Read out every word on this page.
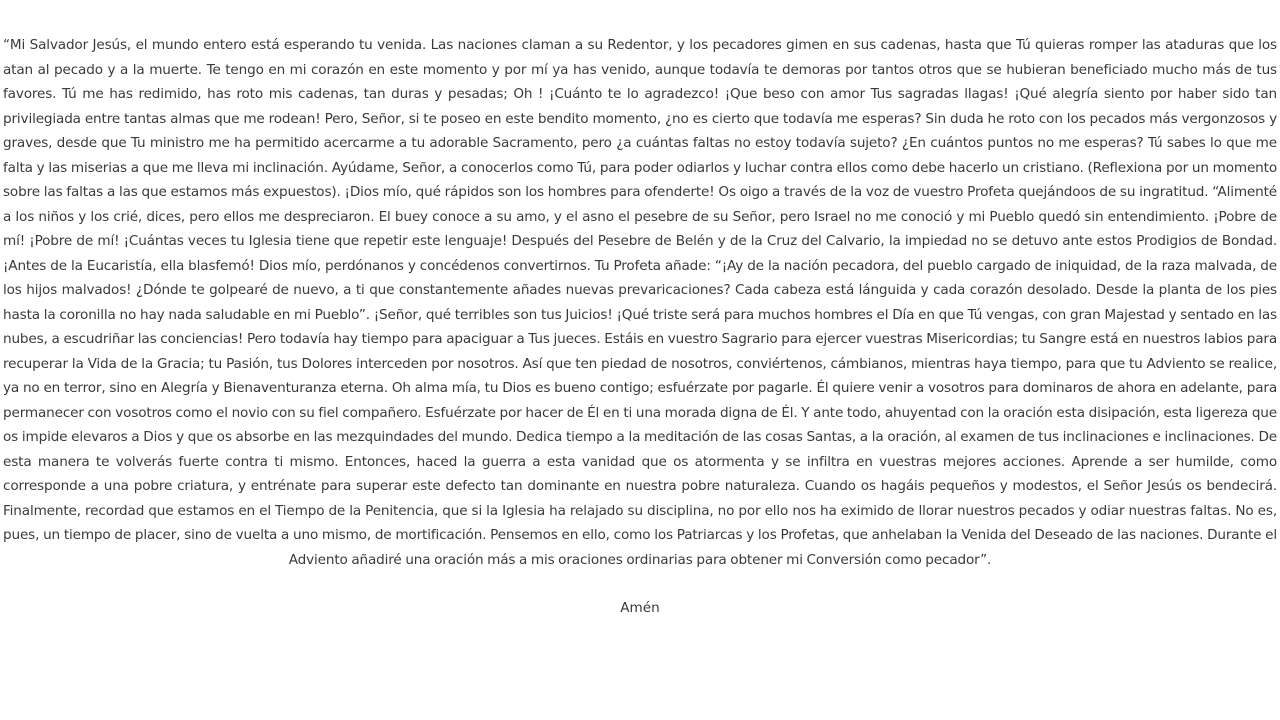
“Mi Salvador Jesús, el mundo entero está esperando tu venida. Las naciones claman a su Redentor, y los pecadores gimen en sus cadenas, hasta que Tú quieras romper las ataduras que los atan al pecado y a la muerte. Te tengo en mi corazón en este momento y por mí ya has venido, aunque todavía te demoras por tantos otros que se hubieran beneficiado mucho más de tus favores. Tú me has redimido, has roto mis cadenas, tan duras y pesadas; Oh ! ¡Cuánto te lo agradezco! ¡Que beso con amor Tus sagradas llagas! ¡Qué alegría siento por haber sido tan privilegiada entre tantas almas que me rodean! Pero, Señor, si te poseo en este bendito momento, ¿no es cierto que todavía me esperas? Sin duda he roto con los pecados más vergonzosos y graves, desde que Tu ministro me ha permitido acercarme a tu adorable Sacramento, pero ¿a cuántas faltas no estoy todavía sujeto? ¿En cuántos puntos no me esperas? Tú sabes lo que me falta y las miserias a que me lleva mi inclinación. Ayúdame, Señor, a conocerlos como Tú, para poder odiarlos y luchar contra ellos como debe hacerlo un cristiano. (Reflexiona por un momento sobre las faltas a las que estamos más expuestos). ¡Dios mío, qué rápidos son los hombres para ofenderte! Os oigo a través de la voz de vuestro Profeta quejándoos de su ingratitud. “Alimenté a los niños y los crié, dices, pero ellos me despreciaron. El buey conoce a su amo, y el asno el pesebre de su Señor, pero Israel no me conoció y mi Pueblo quedó sin entendimiento. ¡Pobre de mí! ¡Pobre de mí! ¡Cuántas veces tu Iglesia tiene que repetir este lenguaje! Después del Pesebre de Belén y de la Cruz del Calvario, la impiedad no se detuvo ante estos Prodigios de Bondad. ¡Antes de la Eucaristía, ella blasfemó! Dios mío, perdónanos y concédenos convertirnos. Tu Profeta añade: “¡Ay de la nación pecadora, del pueblo cargado de iniquidad, de la raza malvada, de los hijos malvados! ¿Dónde te golpearé de nuevo, a ti que constantemente añades nuevas prevaricaciones? Cada cabeza está lánguida y cada corazón desolado. Desde la planta de los pies hasta la coronilla no hay nada saludable en mi Pueblo”. ¡Señor, qué terribles son tus Juicios! ¡Qué triste será para muchos hombres el Día en que Tú vengas, con gran Majestad y sentado en las nubes, a escudriñar las conciencias! Pero todavía hay tiempo para apaciguar a Tus jueces. Estáis en vuestro Sagrario para ejercer vuestras Misericordias; tu Sangre está en nuestros labios para recuperar la Vida de la Gracia; tu Pasión, tus Dolores interceden por nosotros. Así que ten piedad de nosotros, conviértenos, cámbianos, mientras haya tiempo, para que tu Adviento se realice, ya no en terror, sino en Alegría y Bienaventuranza eterna. Oh alma mía, tu Dios es bueno contigo; esfuérzate por pagarle. Él quiere venir a vosotros para dominaros de ahora en adelante, para permanecer con vosotros como el novio con su fiel compañero. Esfuérzate por hacer de Él en ti una morada digna de Él. Y ante todo, ahuyentad con la oración esta disipación, esta ligereza que os impide elevaros a Dios y que os absorbe en las mezquindades del mundo. Dedica tiempo a la meditación de las cosas Santas, a la oración, al examen de tus inclinaciones e inclinaciones. De esta manera te volverás fuerte contra ti mismo. Entonces, haced la guerra a esta vanidad que os atormenta y se infiltra en vuestras mejores acciones. Aprende a ser humilde, como corresponde a una pobre criatura, y entrénate para superar este defecto tan dominante en nuestra pobre naturaleza. Cuando os hagáis pequeños y modestos, el Señor Jesús os bendecirá. Finalmente, recordad que estamos en el Tiempo de la Penitencia, que si la Iglesia ha relajado su disciplina, no por ello nos ha eximido de llorar nuestros pecados y odiar nuestras faltas. No es, pues, un tiempo de placer, sino de vuelta a uno mismo, de mortificación. Pensemos en ello, como los Patriarcas y los Profetas, que anhelaban la Venida del Deseado de las naciones. Durante el Adviento añadiré una oración más a mis oraciones ordinarias para obtener mi Conversión como pecador”.

Amén
